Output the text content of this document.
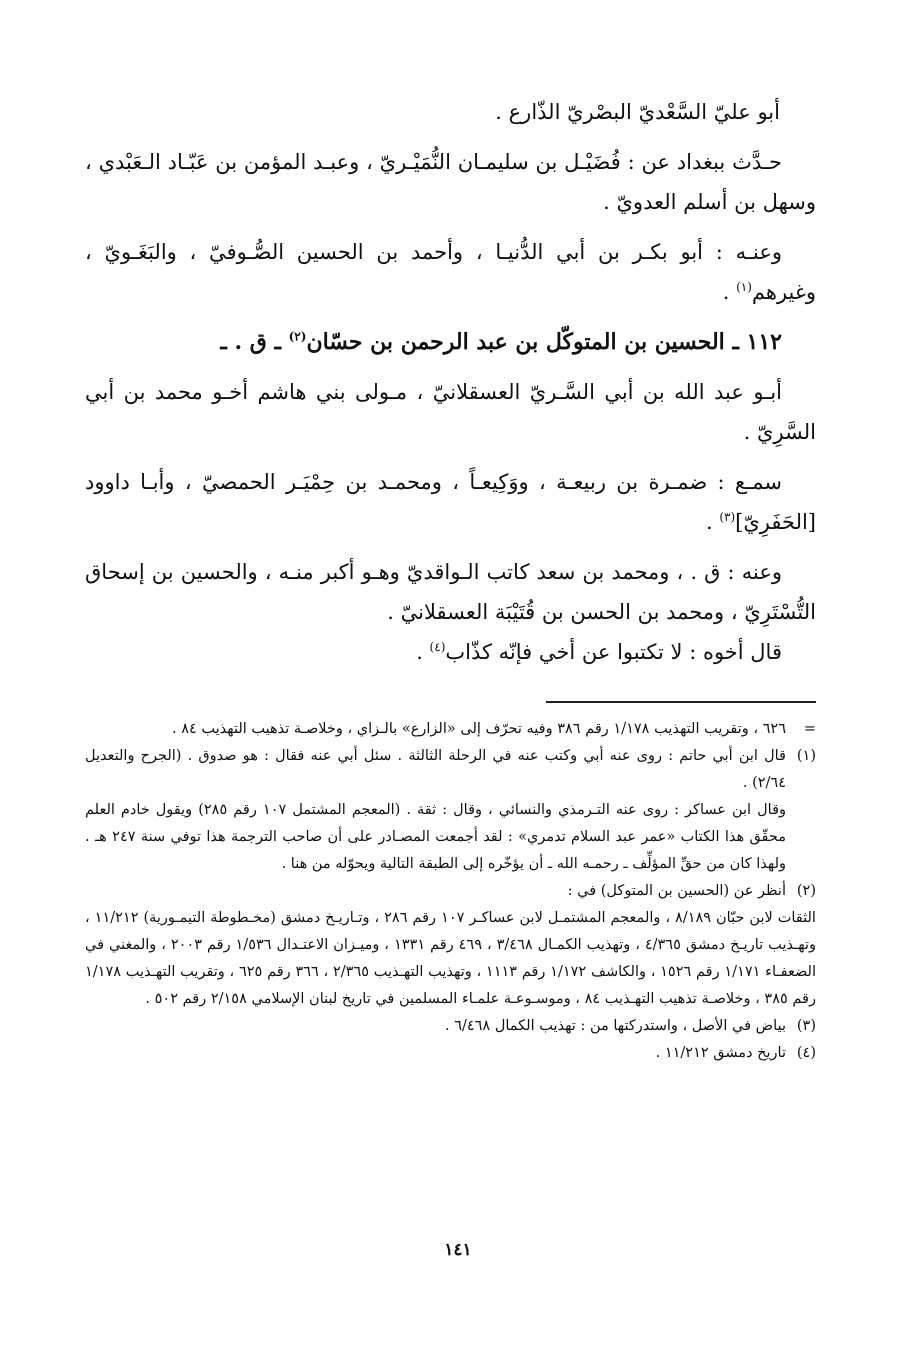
أبو عليّ السَّعْديّ البصْريّ الذّارع .

حـدَّث ببغداد عن : فُضَيْـل بن سليمـان النُّمَيْـريّ ، وعبـد المؤمن بن عَبّـاد الـعَبْدي ، وسهل بن أسلم العدويّ .

وعنـه : أبو بكـر بن أبي الدُّنيـا ، وأحمد بن الحسين الصُّـوفيّ ، والبَغَـويّ ، وغيرهم$^{(١)}$ .

١١٢ ـ الحسين بن المتوكّل بن عبد الرحمن بن حسّان$^{(٢)}$ ـ ق . ـ

أبـو عبد الله بن أبي السَّـريّ العسقلانيّ ، مـولى بني هاشم أخـو محمد بن أبي السَّرِيّ .

سمـع : ضمـرة بن ربيعـة ، ووَكِيعـاً ، ومحمـد بن حِمْيَـر الحمصيّ ، وأبـا داوود [الحَفَرِيّ]$^{(٣)}$ .

وعنه : ق . ، ومحمد بن سعد كاتب الـواقديّ وهـو أكبر منـه ، والحسين بن إسحاق التُّسْتَرِيّ ، ومحمد بن الحسن بن قُتَيْبَة العسقلانيّ .

قال أخوه : لا تكتبوا عن أخي فإنّه كذّاب$^{(٤)}$ .

=
٦٢٦ ، وتقريب التهذيب ١/١٧٨ رقم ٣٨٦ وفيه تحرّف إلى «الزارع» بالـزاي ، وخلاصـة تذهيب التهذيب ٨٤ .
(١)
قال ابن أبي حاتم : روى عنه أبي وكتب عنه في الرحلة الثالثة . سئل أبي عنه فقال : هو صدوق . (الجرح والتعديل ٢/٦٤) .

وقال ابن عساكر : روى عنه التـرمذي والنسائي ، وقال : ثقة . (المعجم المشتمل ١٠٧ رقم ٢٨٥) ويقول خادم العلم محقّق هذا الكتاب «عمر عبد السلام تدمري» : لقد أجمعت المصـادر على أن صاحب الترجمة هذا توفي سنة ٢٤٧ هـ . ولهذا كان من حقِّ المؤلِّف ـ رحمـه الله ـ أن يؤخّره إلى الطبقة التالية ويحوّله من هنا .

(٢)
أنظر عن (الحسين بن المتوكل) في :

الثقات لابن حبّان ٨/١٨٩ ، والمعجم المشتمـل لابن عساكـر ١٠٧ رقم ٢٨٦ ، وتـاريـخ دمشق (مخـطوطة التيمـورية) ١١/٢١٢ ، وتهـذيب تاريـخ دمشق ٤/٣٦٥ ، وتهذيب الكمـال ٣/٤٦٨ ، ٤٦٩ رقم ١٣٣١ ، وميـزان الاعتـدال ١/٥٣٦ رقم ٢٠٠٣ ، والمغني في الضعفـاء ١/١٧١ رقم ١٥٢٦ ، والكاشف ١/١٧٢ رقم ١١١٣ ، وتهذيب التهـذيب ٢/٣٦٥ ، ٣٦٦ رقم ٦٢٥ ، وتقريب التهـذيب ١/١٧٨ رقم ٣٨٥ ، وخلاصـة تذهيب التهـذيب ٨٤ ، وموسـوعـة علمـاء المسلمين في تاريخ لبنان الإسلامي ٢/١٥٨ رقم ٥٠٢ .

(٣)
بياض في الأصل ، واستدركتها من : تهذيب الكمال ٦/٤٦٨ .
(٤)
تاريخ دمشق ١١/٢١٢ .
١٤١
